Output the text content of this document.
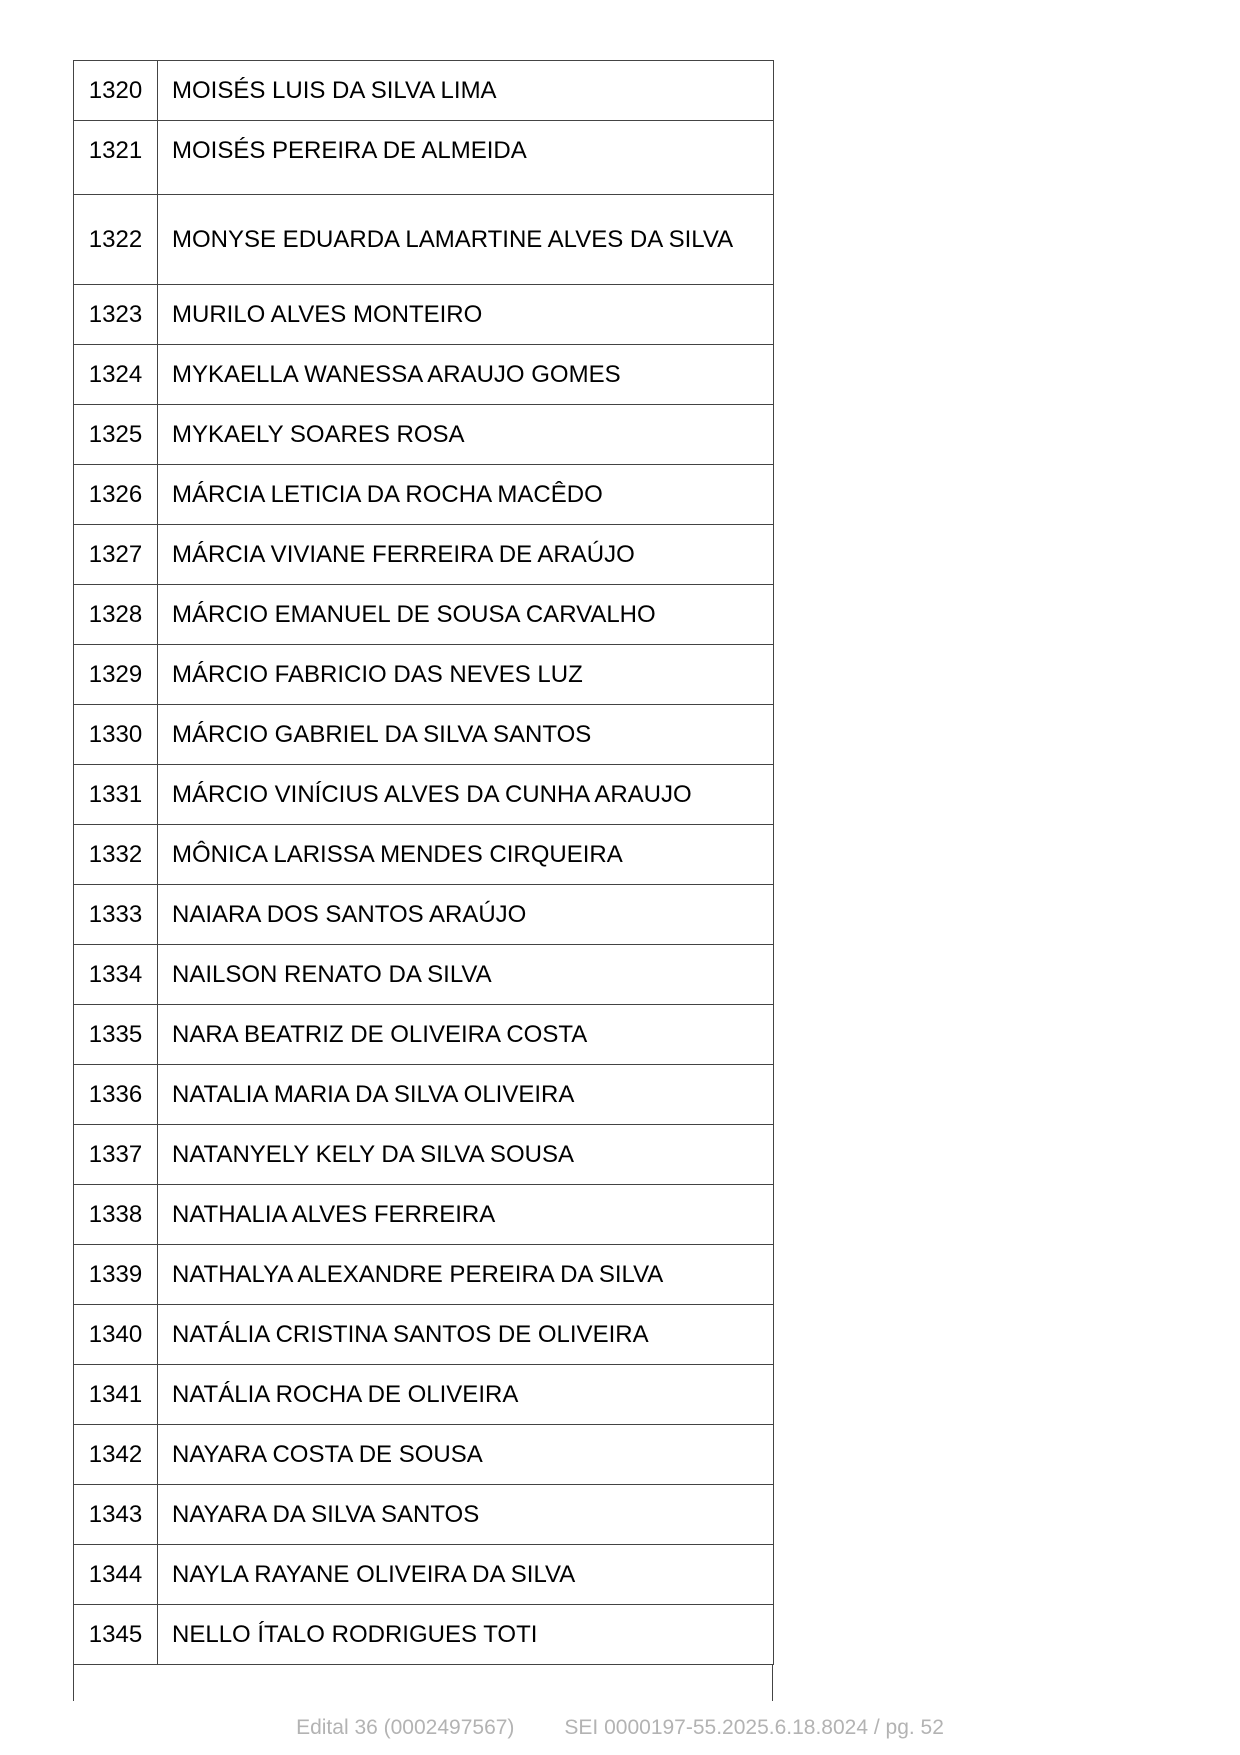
1320	MOISÉS LUIS DA SILVA LIMA
1321	MOISÉS PEREIRA DE ALMEIDA
1322	MONYSE EDUARDA LAMARTINE ALVES DA SILVA
1323	MURILO ALVES MONTEIRO
1324	MYKAELLA WANESSA ARAUJO GOMES
1325	MYKAELY SOARES ROSA
1326	MÁRCIA LETICIA DA ROCHA MACÊDO
1327	MÁRCIA VIVIANE FERREIRA DE ARAÚJO
1328	MÁRCIO EMANUEL DE SOUSA CARVALHO
1329	MÁRCIO FABRICIO DAS NEVES LUZ
1330	MÁRCIO GABRIEL DA SILVA SANTOS
1331	MÁRCIO VINÍCIUS ALVES DA CUNHA ARAUJO
1332	MÔNICA LARISSA MENDES CIRQUEIRA
1333	NAIARA DOS SANTOS ARAÚJO
1334	NAILSON RENATO DA SILVA
1335	NARA BEATRIZ DE OLIVEIRA COSTA
1336	NATALIA MARIA DA SILVA OLIVEIRA
1337	NATANYELY KELY DA SILVA SOUSA
1338	NATHALIA ALVES FERREIRA
1339	NATHALYA ALEXANDRE PEREIRA DA SILVA
1340	NATÁLIA CRISTINA SANTOS DE OLIVEIRA
1341	NATÁLIA ROCHA DE OLIVEIRA
1342	NAYARA COSTA DE SOUSA
1343	NAYARA DA SILVA SANTOS
1344	NAYLA RAYANE OLIVEIRA DA SILVA
1345	NELLO ÍTALO RODRIGUES TOTI
Edital 36 (0002497567) SEI 0000197-55.2025.6.18.8024 / pg. 52
